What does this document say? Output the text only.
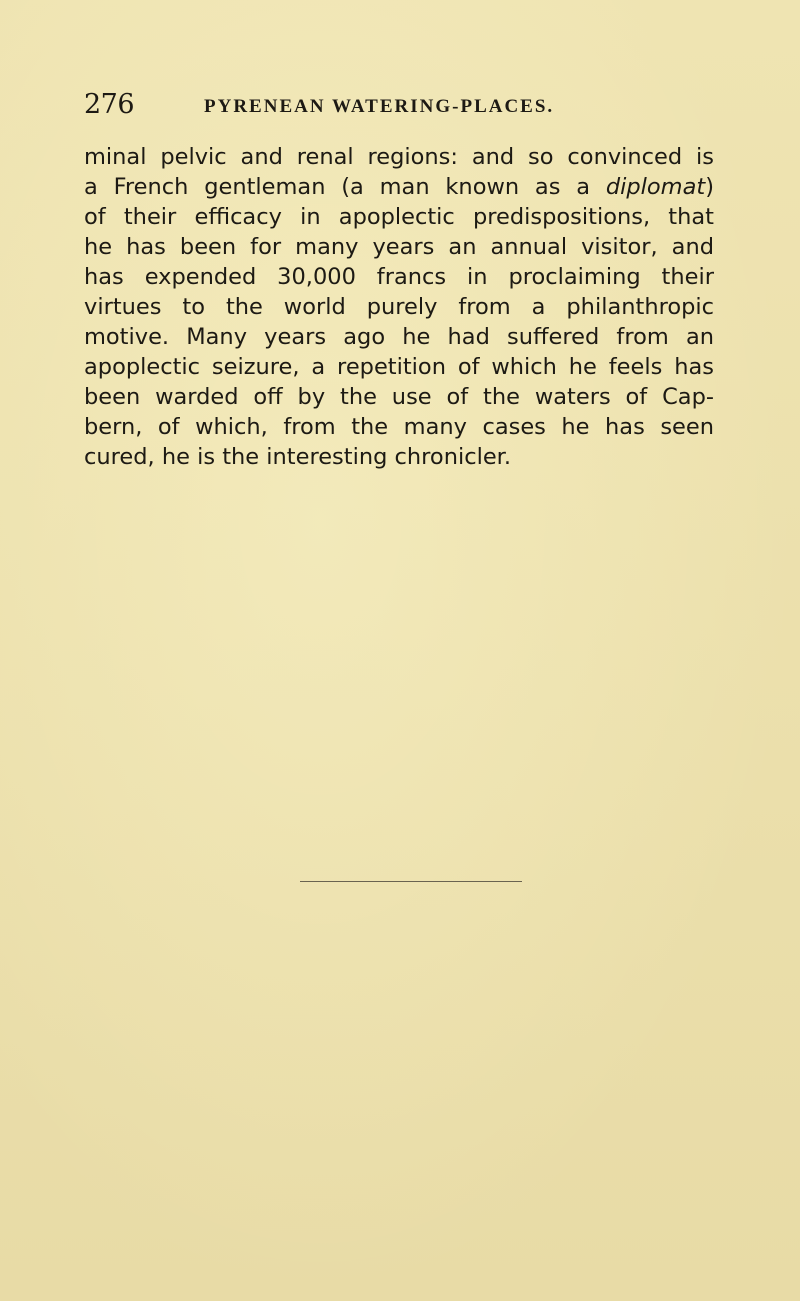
276	PYRENEAN WATERING-PLACES.
minal pelvic and renal regions: and so convinced is
a French gentleman (a man known as a diplomat)
of their efficacy in apoplectic predispositions, that
he has been for many years an annual visitor, and
has expended 30,000 francs in proclaiming their
virtues to the world purely from a philanthropic
motive. Many years ago he had suffered from an
apoplectic seizure, a repetition of which he feels has
been warded off by the use of the waters of Cap-
bern, of which, from the many cases he has seen
cured, he is the interesting chronicler.
